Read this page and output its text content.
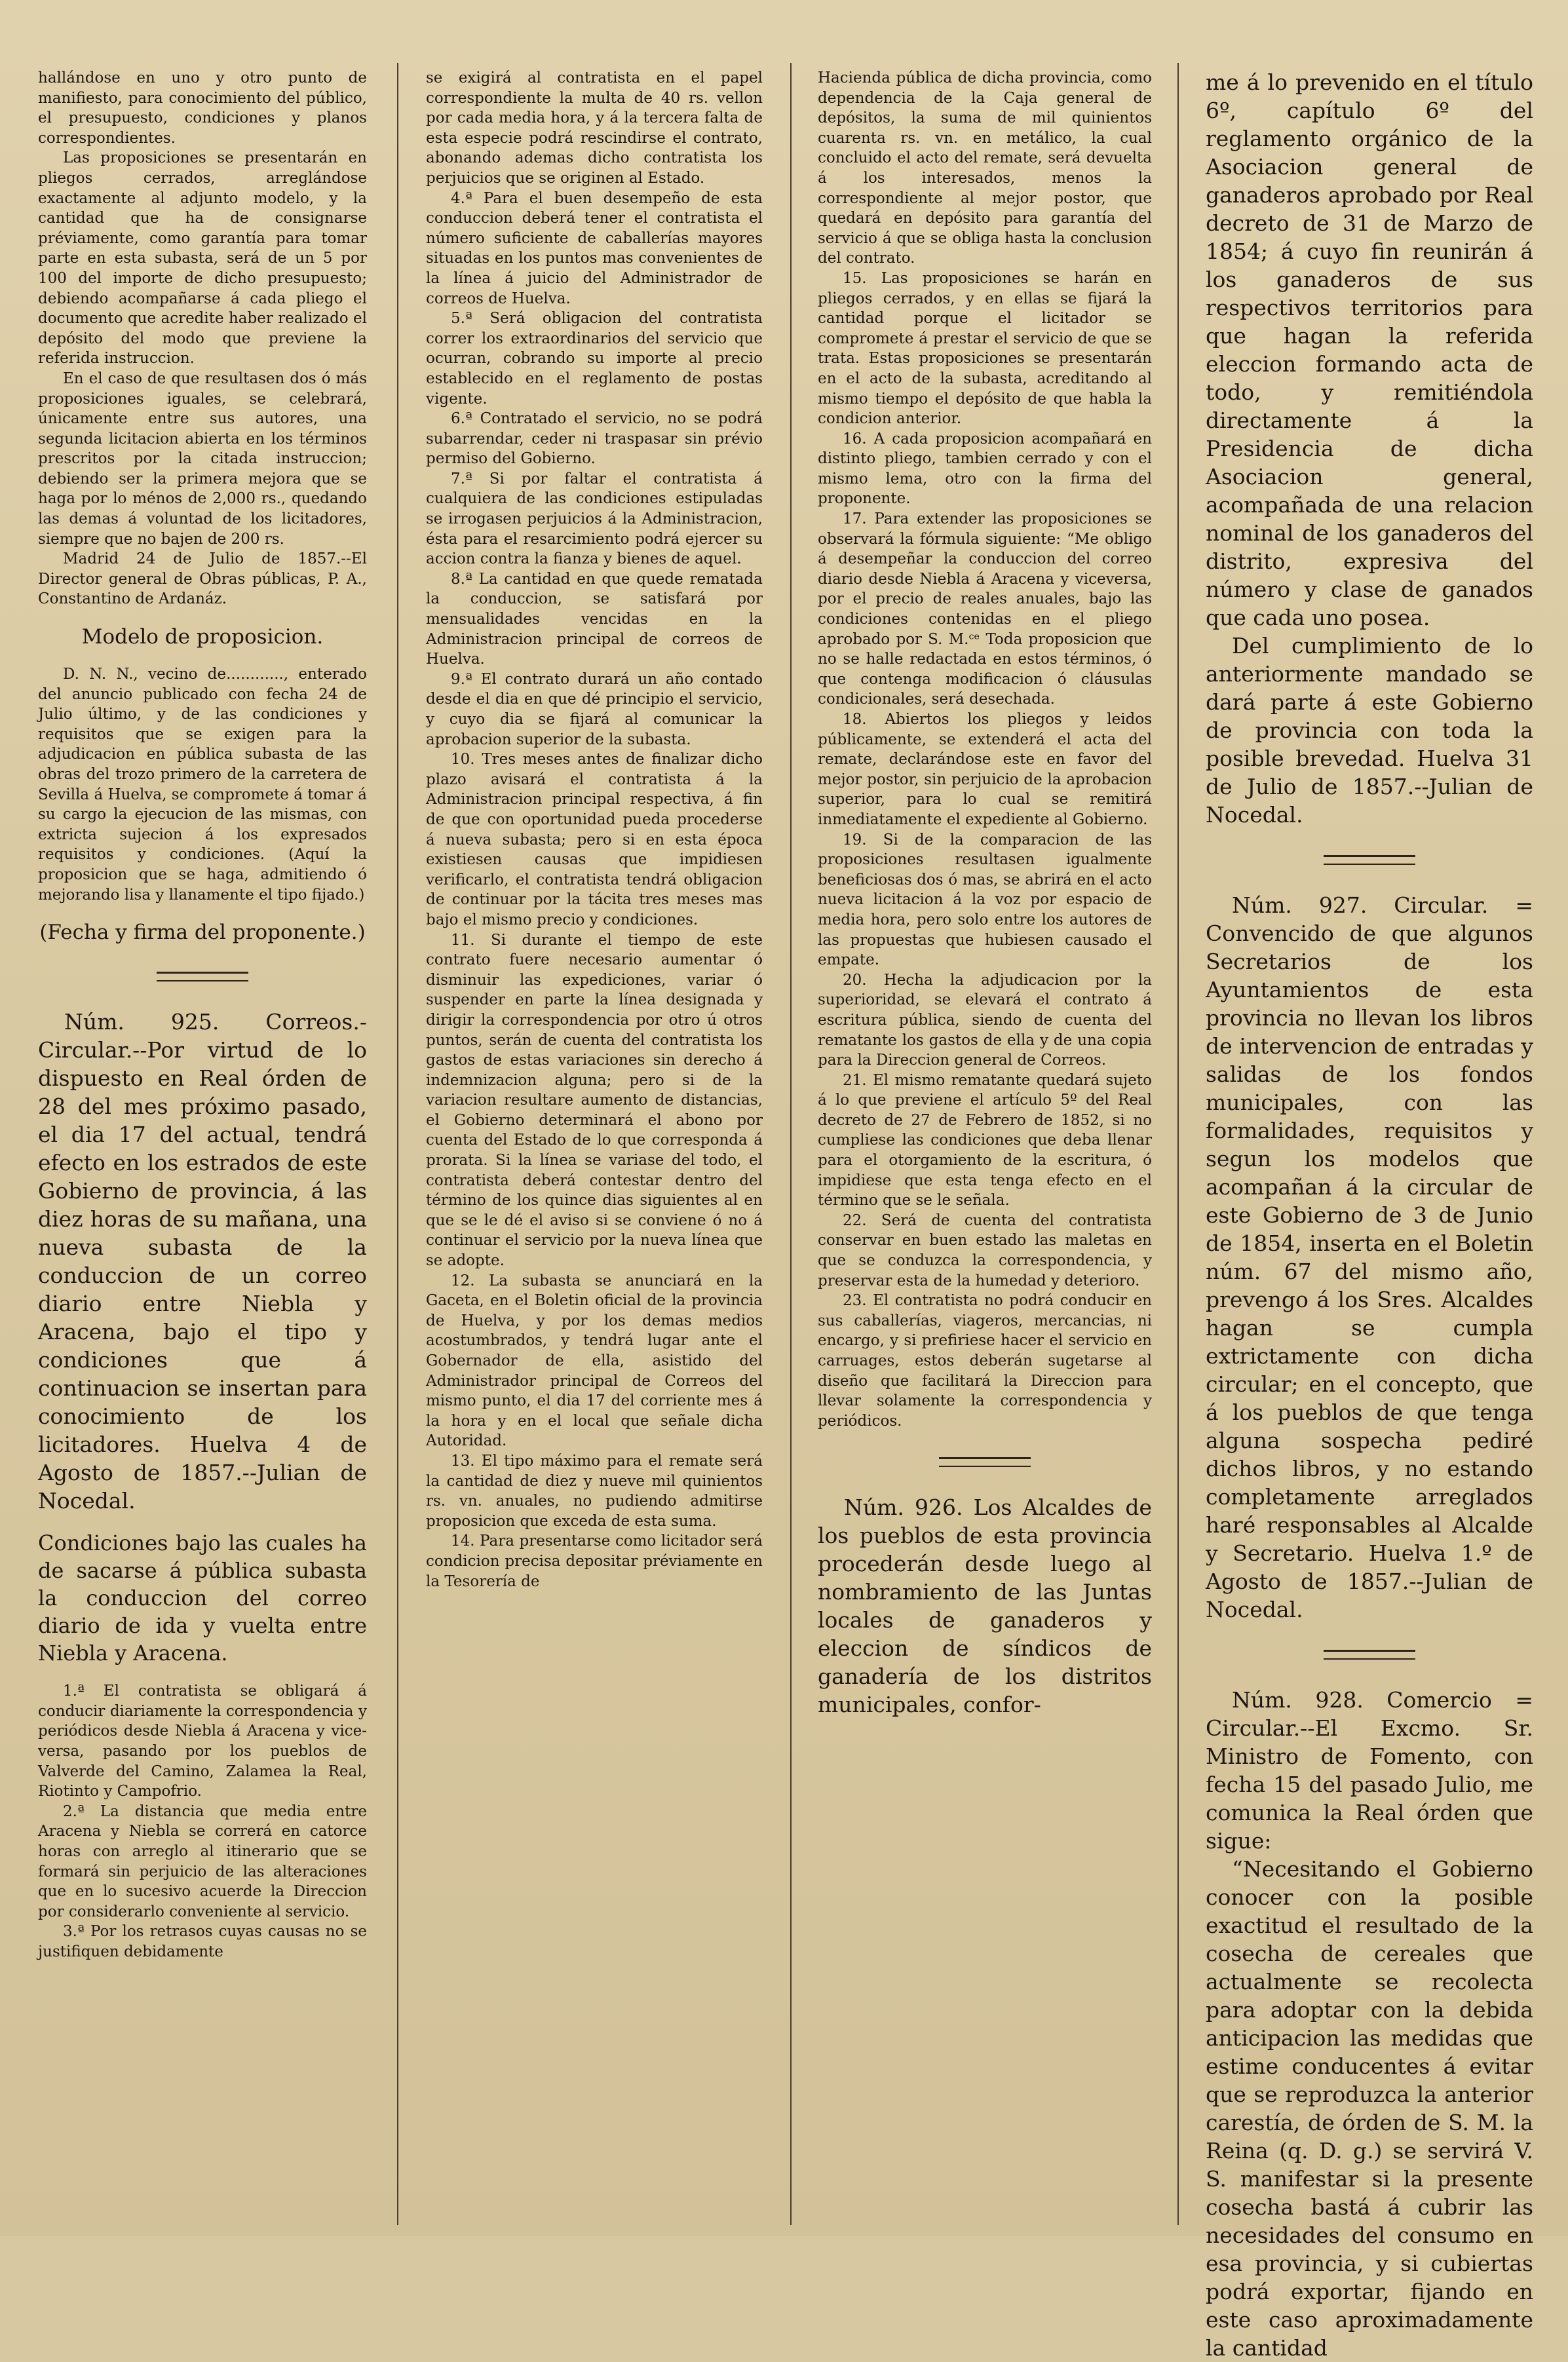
hallándose en uno y otro punto de manifiesto, para conocimiento del público, el presupuesto, condiciones y planos correspondientes.

Las proposiciones se presentarán en pliegos cerrados, arreglándose exactamente al adjunto modelo, y la cantidad que ha de consignarse préviamente, como garantía para tomar parte en esta subasta, será de un 5 por 100 del importe de dicho presupuesto; debiendo acompañarse á cada pliego el documento que acredite haber realizado el depósito del modo que previene la referida instruccion.

En el caso de que resultasen dos ó más proposiciones iguales, se celebrará, únicamente entre sus autores, una segunda licitacion abierta en los términos prescritos por la citada instruccion; debiendo ser la primera mejora que se haga por lo ménos de 2,000 rs., quedando las demas á voluntad de los licitadores, siempre que no bajen de 200 rs.

Madrid 24 de Julio de 1857.--El Director general de Obras públicas, P. A., Constantino de Ardanáz.

Modelo de proposicion.

D. N. N., vecino de............, enterado del anuncio publicado con fecha 24 de Julio último, y de las condiciones y requisitos que se exigen para la adjudicacion en pública subasta de las obras del trozo primero de la carretera de Sevilla á Huelva, se compromete á tomar á su cargo la ejecucion de las mismas, con extricta sujecion á los expresados requisitos y condiciones. (Aquí la proposicion que se haga, admitiendo ó mejorando lisa y llanamente el tipo fijado.)

(Fecha y firma del proponente.)

Núm. 925. Correos.-Circular.--Por virtud de lo dispuesto en Real órden de 28 del mes próximo pasado, el dia 17 del actual, tendrá efecto en los estrados de este Gobierno de provincia, á las diez horas de su mañana, una nueva subasta de la conduccion de un correo diario entre Niebla y Aracena, bajo el tipo y condiciones que á continuacion se insertan para conocimiento de los licitadores. Huelva 4 de Agosto de 1857.--Julian de Nocedal.

Condiciones bajo las cuales ha de sacarse á pública subasta la conduccion del correo diario de ida y vuelta entre Niebla y Aracena.

1.ª El contratista se obligará á conducir diariamente la correspondencia y periódicos desde Niebla á Aracena y vice-versa, pasando por los pueblos de Valverde del Camino, Zalamea la Real, Riotinto y Campofrio.

2.ª La distancia que media entre Aracena y Niebla se correrá en catorce horas con arreglo al itinerario que se formará sin perjuicio de las alteraciones que en lo sucesivo acuerde la Direccion por considerarlo conveniente al servicio.

3.ª Por los retrasos cuyas causas no se justifiquen debidamente

se exigirá al contratista en el papel correspondiente la multa de 40 rs. vellon por cada media hora, y á la tercera falta de esta especie podrá rescindirse el contrato, abonando ademas dicho contratista los perjuicios que se originen al Estado.

4.ª Para el buen desempeño de esta conduccion deberá tener el contratista el número suficiente de caballerías mayores situadas en los puntos mas convenientes de la línea á juicio del Administrador de correos de Huelva.

5.ª Será obligacion del contratista correr los extraordinarios del servicio que ocurran, cobrando su importe al precio establecido en el reglamento de postas vigente.

6.ª Contratado el servicio, no se podrá subarrendar, ceder ni traspasar sin prévio permiso del Gobierno.

7.ª Si por faltar el contratista á cualquiera de las condiciones estipuladas se irrogasen perjuicios á la Administracion, ésta para el resarcimiento podrá ejercer su accion contra la fianza y bienes de aquel.

8.ª La cantidad en que quede rematada la conduccion, se satisfará por mensualidades vencidas en la Administracion principal de correos de Huelva.

9.ª El contrato durará un año contado desde el dia en que dé principio el servicio, y cuyo dia se fijará al comunicar la aprobacion superior de la subasta.

10. Tres meses antes de finalizar dicho plazo avisará el contratista á la Administracion principal respectiva, á fin de que con oportunidad pueda procederse á nueva subasta; pero si en esta época existiesen causas que impidiesen verificarlo, el contratista tendrá obligacion de continuar por la tácita tres meses mas bajo el mismo precio y condiciones.

11. Si durante el tiempo de este contrato fuere necesario aumentar ó disminuir las expediciones, variar ó suspender en parte la línea designada y dirigir la correspondencia por otro ú otros puntos, serán de cuenta del contratista los gastos de estas variaciones sin derecho á indemnizacion alguna; pero si de la variacion resultare aumento de distancias, el Gobierno determinará el abono por cuenta del Estado de lo que corresponda á prorata. Si la línea se variase del todo, el contratista deberá contestar dentro del término de los quince dias siguientes al en que se le dé el aviso si se conviene ó no á continuar el servicio por la nueva línea que se adopte.

12. La subasta se anunciará en la Gaceta, en el Boletin oficial de la provincia de Huelva, y por los demas medios acostumbrados, y tendrá lugar ante el Gobernador de ella, asistido del Administrador principal de Correos del mismo punto, el dia 17 del corriente mes á la hora y en el local que señale dicha Autoridad.

13. El tipo máximo para el remate será la cantidad de diez y nueve mil quinientos rs. vn. anuales, no pudiendo admitirse proposicion que exceda de esta suma.

14. Para presentarse como licitador será condicion precisa depositar préviamente en la Tesorería de

Hacienda pública de dicha provincia, como dependencia de la Caja general de depósitos, la suma de mil quinientos cuarenta rs. vn. en metálico, la cual concluido el acto del remate, será devuelta á los interesados, menos la correspondiente al mejor postor, que quedará en depósito para garantía del servicio á que se obliga hasta la conclusion del contrato.

15. Las proposiciones se harán en pliegos cerrados, y en ellas se fijará la cantidad porque el licitador se compromete á prestar el servicio de que se trata. Estas proposiciones se presentarán en el acto de la subasta, acreditando al mismo tiempo el depósito de que habla la condicion anterior.

16. A cada proposicion acompañará en distinto pliego, tambien cerrado y con el mismo lema, otro con la firma del proponente.

17. Para extender las proposiciones se observará la fórmula siguiente: “Me obligo á desempeñar la conduccion del correo diario desde Niebla á Aracena y viceversa, por el precio de reales anuales, bajo las condiciones contenidas en el pliego aprobado por S. M.ᶜᵉ Toda proposicion que no se halle redactada en estos términos, ó que contenga modificacion ó cláusulas condicionales, será desechada.

18. Abiertos los pliegos y leidos públicamente, se extenderá el acta del remate, declarándose este en favor del mejor postor, sin perjuicio de la aprobacion superior, para lo cual se remitirá inmediatamente el expediente al Gobierno.

19. Si de la comparacion de las proposiciones resultasen igualmente beneficiosas dos ó mas, se abrirá en el acto nueva licitacion á la voz por espacio de media hora, pero solo entre los autores de las propuestas que hubiesen causado el empate.

20. Hecha la adjudicacion por la superioridad, se elevará el contrato á escritura pública, siendo de cuenta del rematante los gastos de ella y de una copia para la Direccion general de Correos.

21. El mismo rematante quedará sujeto á lo que previene el artículo 5º del Real decreto de 27 de Febrero de 1852, si no cumpliese las condiciones que deba llenar para el otorgamiento de la escritura, ó impidiese que esta tenga efecto en el término que se le señala.

22. Será de cuenta del contratista conservar en buen estado las maletas en que se conduzca la correspondencia, y preservar esta de la humedad y deterioro.

23. El contratista no podrá conducir en sus caballerías, viageros, mercancias, ni encargo, y si prefiriese hacer el servicio en carruages, estos deberán sugetarse al diseño que facilitará la Direccion para llevar solamente la correspondencia y periódicos.

Núm. 926. Los Alcaldes de los pueblos de esta provincia procederán desde luego al nombramiento de las Juntas locales de ganaderos y eleccion de síndicos de ganadería de los distritos municipales, confor-

me á lo prevenido en el título 6º, capítulo 6º del reglamento orgánico de la Asociacion general de ganaderos aprobado por Real decreto de 31 de Marzo de 1854; á cuyo fin reunirán á los ganaderos de sus respectivos territorios para que hagan la referida eleccion formando acta de todo, y remitiéndola directamente á la Presidencia de dicha Asociacion general, acompañada de una relacion nominal de los ganaderos del distrito, expresiva del número y clase de ganados que cada uno posea.

Del cumplimiento de lo anteriormente mandado se dará parte á este Gobierno de provincia con toda la posible brevedad. Huelva 31 de Julio de 1857.--Julian de Nocedal.

Núm. 927. Circular. = Convencido de que algunos Secretarios de los Ayuntamientos de esta provincia no llevan los libros de intervencion de entradas y salidas de los fondos municipales, con las formalidades, requisitos y segun los modelos que acompañan á la circular de este Gobierno de 3 de Junio de 1854, inserta en el Boletin núm. 67 del mismo año, prevengo á los Sres. Alcaldes hagan se cumpla extrictamente con dicha circular; en el concepto, que á los pueblos de que tenga alguna sospecha pediré dichos libros, y no estando completamente arreglados haré responsables al Alcalde y Secretario. Huelva 1.º de Agosto de 1857.--Julian de Nocedal.

Núm. 928. Comercio = Circular.--El Excmo. Sr. Ministro de Fomento, con fecha 15 del pasado Julio, me comunica la Real órden que sigue:

“Necesitando el Gobierno conocer con la posible exactitud el resultado de la cosecha de cereales que actualmente se recolecta para adoptar con la debida anticipacion las medidas que estime conducentes á evitar que se reproduzca la anterior carestía, de órden de S. M. la Reina (q. D. g.) se servirá V. S. manifestar si la presente cosecha bastá á cubrir las necesidades del consumo en esa provincia, y si cubiertas podrá exportar, fijando en este caso aproximadamente la cantidad
